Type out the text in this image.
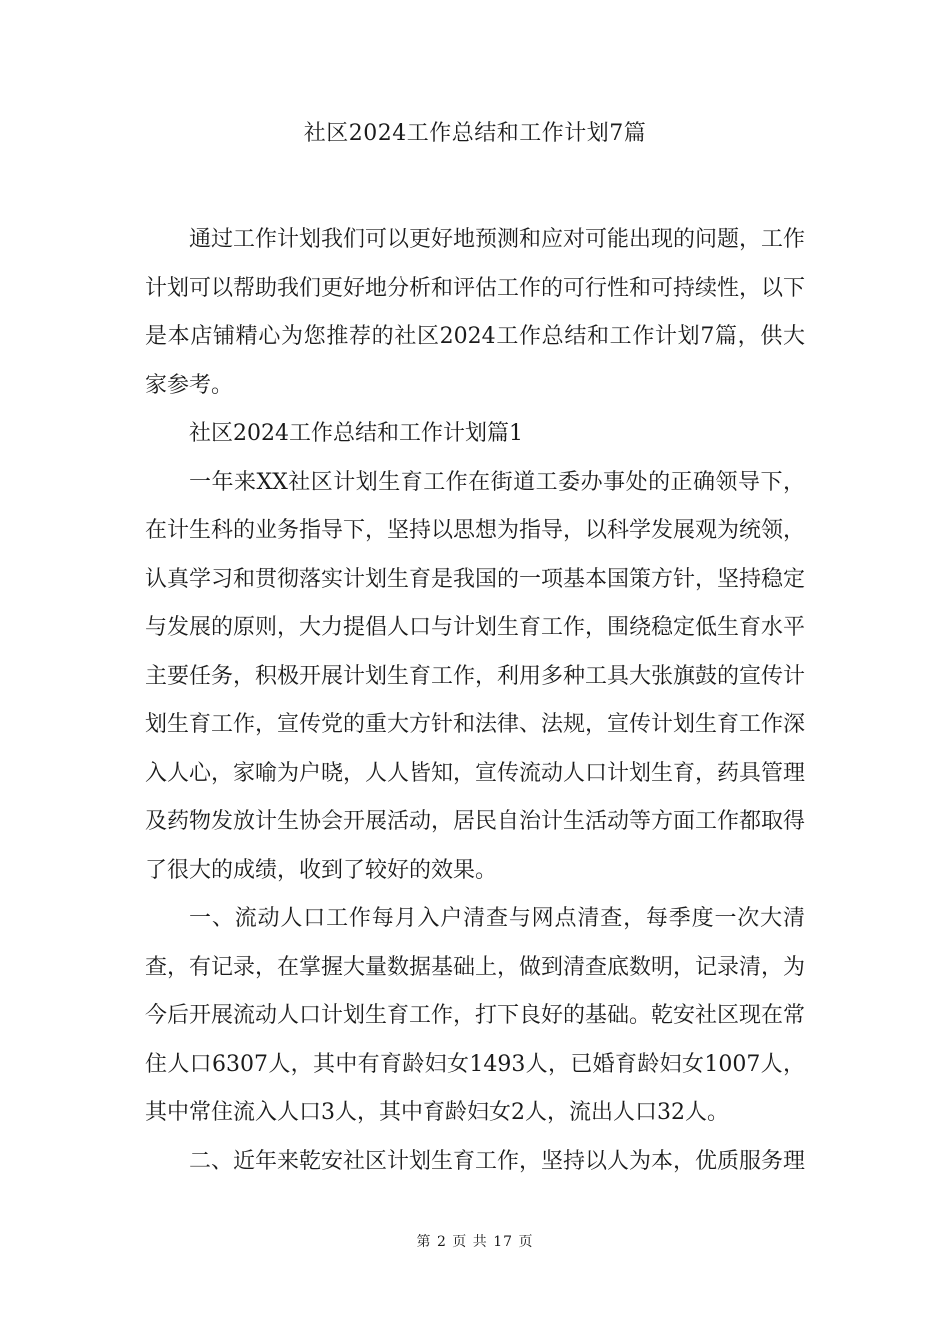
社区2024工作总结和工作计划7篇

通过工作计划我们可以更好地预测和应对可能出现的问题，工作计划可以帮助我们更好地分析和评估工作的可行性和可持续性，以下是本店铺精心为您推荐的社区2024工作总结和工作计划7篇，供大家参考。

社区2024工作总结和工作计划篇1

一年来XX社区计划生育工作在街道工委办事处的正确领导下，在计生科的业务指导下，坚持以思想为指导，以科学发展观为统领，认真学习和贯彻落实计划生育是我国的一项基本国策方针，坚持稳定与发展的原则，大力提倡人口与计划生育工作，围绕稳定低生育水平主要任务，积极开展计划生育工作，利用多种工具大张旗鼓的宣传计划生育工作，宣传党的重大方针和法律、法规，宣传计划生育工作深入人心，家喻为户晓，人人皆知，宣传流动人口计划生育，药具管理及药物发放计生协会开展活动，居民自治计生活动等方面工作都取得了很大的成绩，收到了较好的效果。

一、流动人口工作每月入户清查与网点清查，每季度一次大清查，有记录，在掌握大量数据基础上，做到清查底数明，记录清，为今后开展流动人口计划生育工作，打下良好的基础。乾安社区现在常住人口6307人，其中有育龄妇女1493人，已婚育龄妇女1007人，其中常住流入人口3人，其中育龄妇女2人，流出人口32人。

二、近年来乾安社区计划生育工作，坚持以人为本，优质服务理

第 2 页 共 17 页
